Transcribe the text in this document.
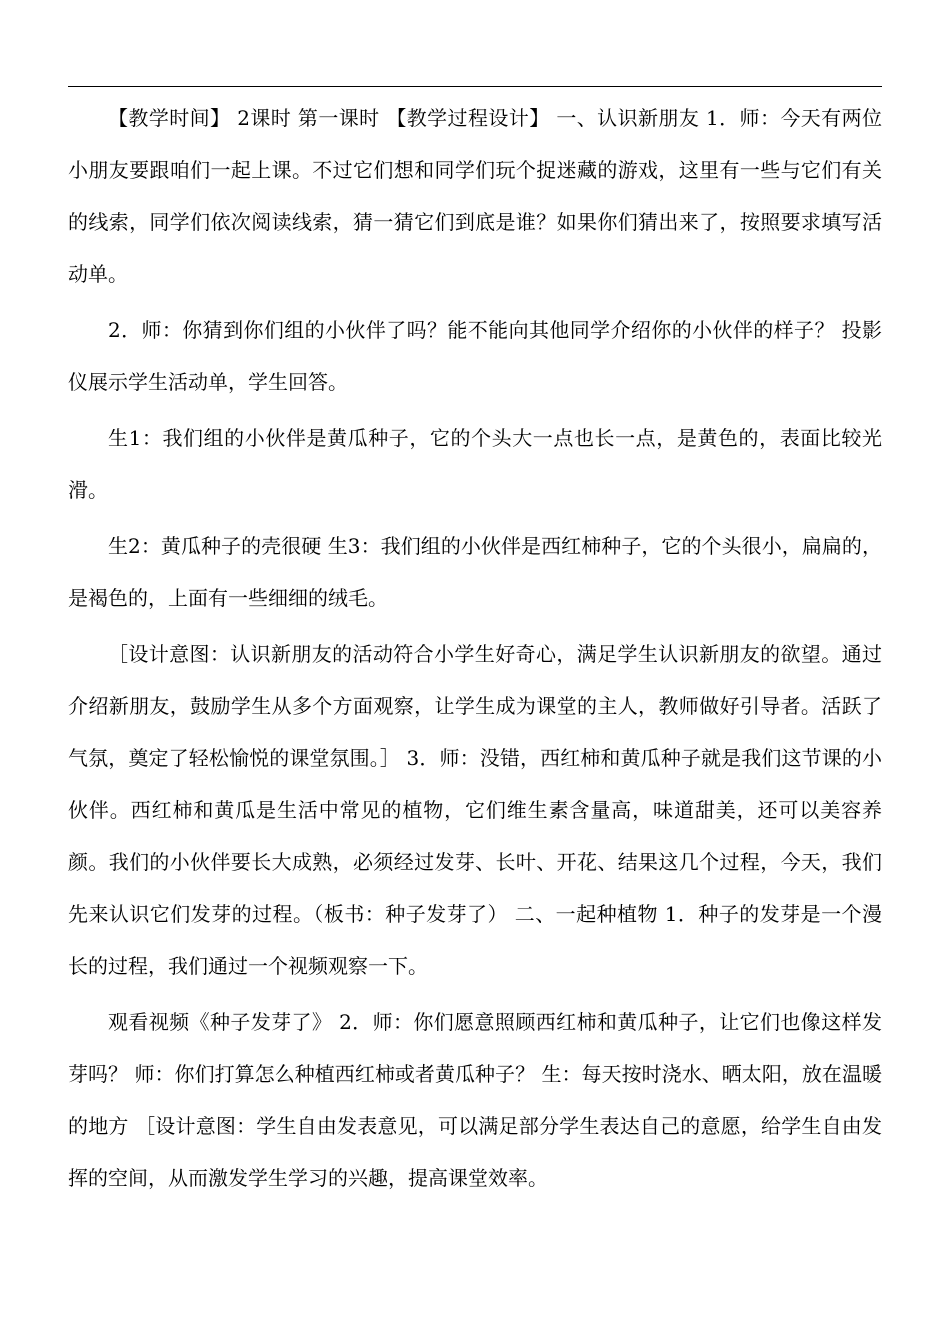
【教学时间】 2课时 第一课时 【教学过程设计】 一、认识新朋友 1．师：今天有两位小朋友要跟咱们一起上课。不过它们想和同学们玩个捉迷藏的游戏，这里有一些与它们有关的线索，同学们依次阅读线索，猜一猜它们到底是谁？如果你们猜出来了，按照要求填写活动单。

2．师：你猜到你们组的小伙伴了吗？能不能向其他同学介绍你的小伙伴的样子？ 投影仪展示学生活动单，学生回答。

生1：我们组的小伙伴是黄瓜种子，它的个头大一点也长一点，是黄色的，表面比较光滑。

生2：黄瓜种子的壳很硬 生3：我们组的小伙伴是西红柿种子，它的个头很小，扁扁的，是褐色的，上面有一些细细的绒毛。

［设计意图：认识新朋友的活动符合小学生好奇心，满足学生认识新朋友的欲望。通过介绍新朋友，鼓励学生从多个方面观察，让学生成为课堂的主人，教师做好引导者。活跃了气氛，奠定了轻松愉悦的课堂氛围。］ 3．师：没错，西红柿和黄瓜种子就是我们这节课的小伙伴。西红柿和黄瓜是生活中常见的植物，它们维生素含量高，味道甜美，还可以美容养颜。我们的小伙伴要长大成熟，必须经过发芽、长叶、开花、结果这几个过程，今天，我们先来认识它们发芽的过程。（板书：种子发芽了） 二、一起种植物 1．种子的发芽是一个漫长的过程，我们通过一个视频观察一下。

观看视频《种子发芽了》 2．师：你们愿意照顾西红柿和黄瓜种子，让它们也像这样发芽吗？ 师：你们打算怎么种植西红柿或者黄瓜种子？ 生：每天按时浇水、晒太阳，放在温暖的地方 ［设计意图：学生自由发表意见，可以满足部分学生表达自己的意愿，给学生自由发挥的空间，从而激发学生学习的兴趣，提高课堂效率。
